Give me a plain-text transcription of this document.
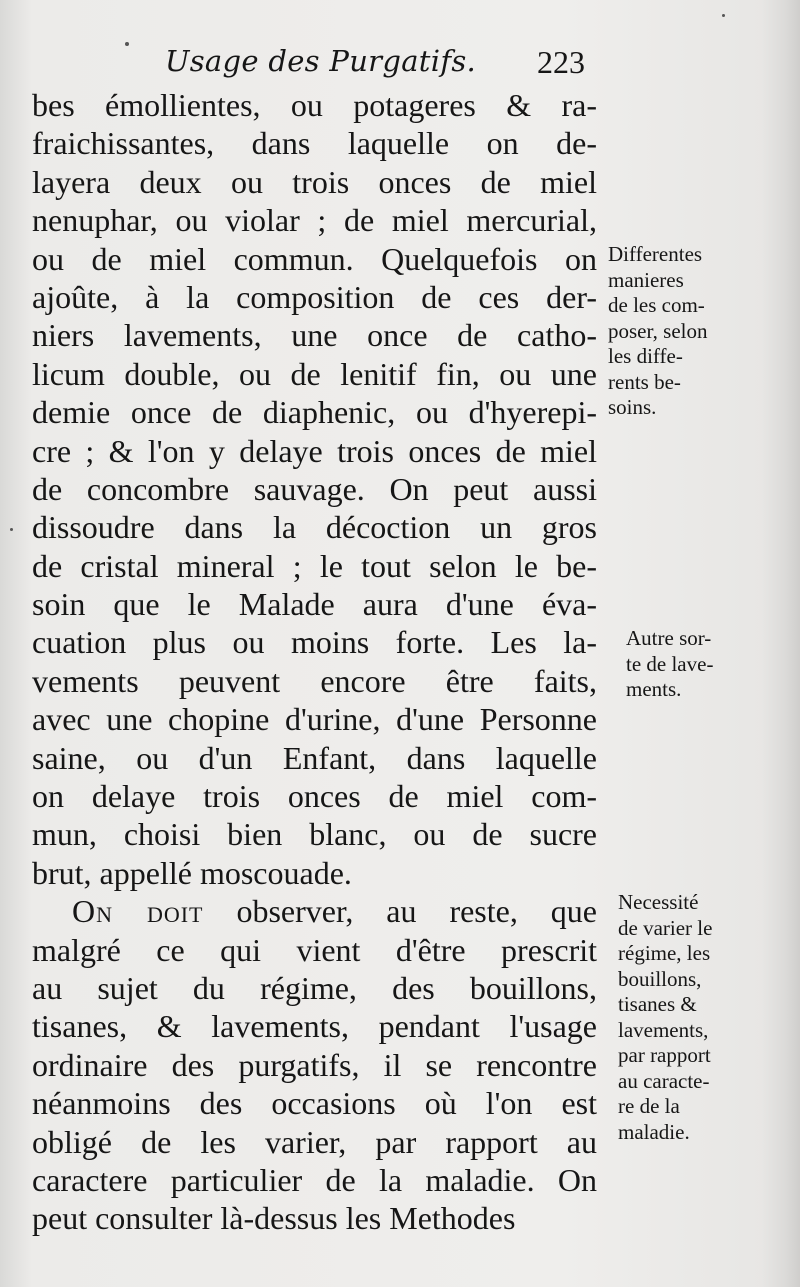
Usage des Purgatifs. 223
bes émollientes, ou potageres & ra-
fraichissantes, dans laquelle on de-
layera deux ou trois onces de miel
nenuphar, ou violar ; de miel mercurial,
ou de miel commun. Quelquefois on
ajoûte, à la composition de ces der-
niers lavements, une once de catho-
licum double, ou de lenitif fin, ou une
demie once de diaphenic, ou d'hyerepi-
cre ; & l'on y delaye trois onces de miel
de concombre sauvage. On peut aussi
dissoudre dans la décoction un gros
de cristal mineral ; le tout selon le be-
soin que le Malade aura d'une éva-
cuation plus ou moins forte. Les la-
vements peuvent encore être faits,
avec une chopine d'urine, d'une Personne
saine, ou d'un Enfant, dans laquelle
on delaye trois onces de miel com-
mun, choisi bien blanc, ou de sucre
brut, appellé moscouade.
On doit observer, au reste, que
malgré ce qui vient d'être prescrit
au sujet du régime, des bouillons,
tisanes, & lavements, pendant l'usage
ordinaire des purgatifs, il se rencontre
néanmoins des occasions où l'on est
obligé de les varier, par rapport au
caractere particulier de la maladie. On
peut consulter là-dessus les Methodes
Differentes
manieres
de les com-
poser, selon
les diffe-
rents be-
soins.
Autre sor-
te de lave-
ments.
Necessité
de varier le
régime, les
bouillons,
tisanes &
lavements,
par rapport
au caracte-
re de la
maladie.
